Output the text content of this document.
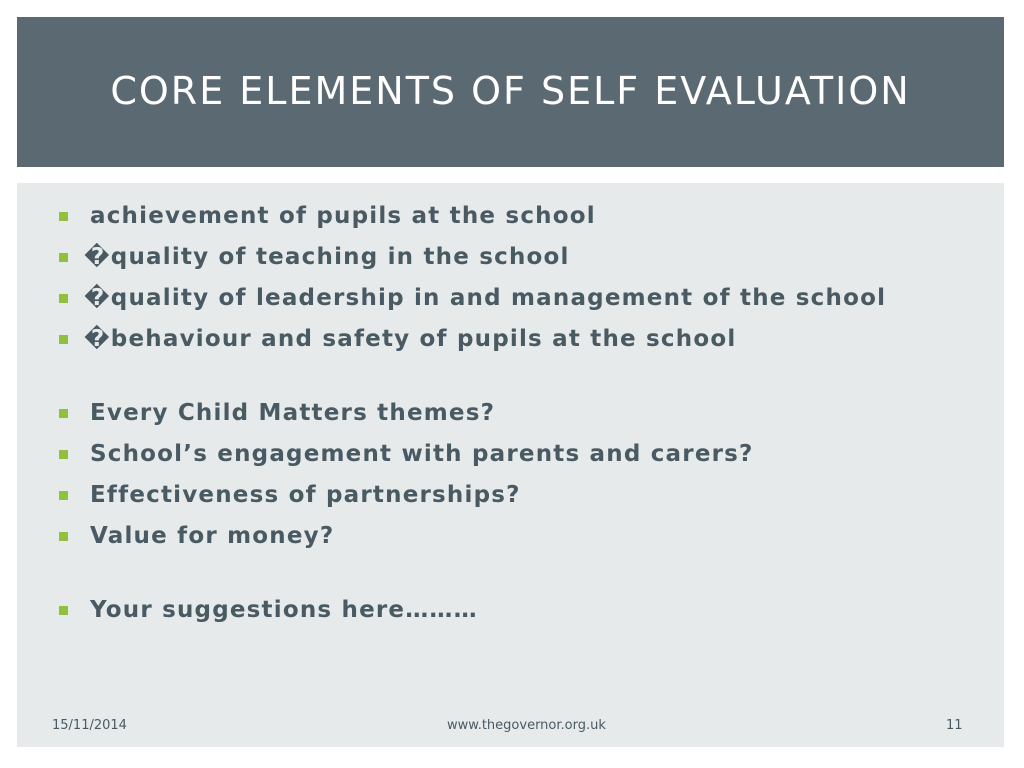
CORE ELEMENTS OF SELF EVALUATION
achievement of pupils at the school
�quality of teaching in the school
�quality of leadership in and management of the school
�behaviour and safety of pupils at the school
Every Child Matters themes?
School’s engagement with parents and carers?
Effectiveness of partnerships?
Value for money?
Your suggestions here………
15/11/2014	www.thegovernor.org.uk	11
